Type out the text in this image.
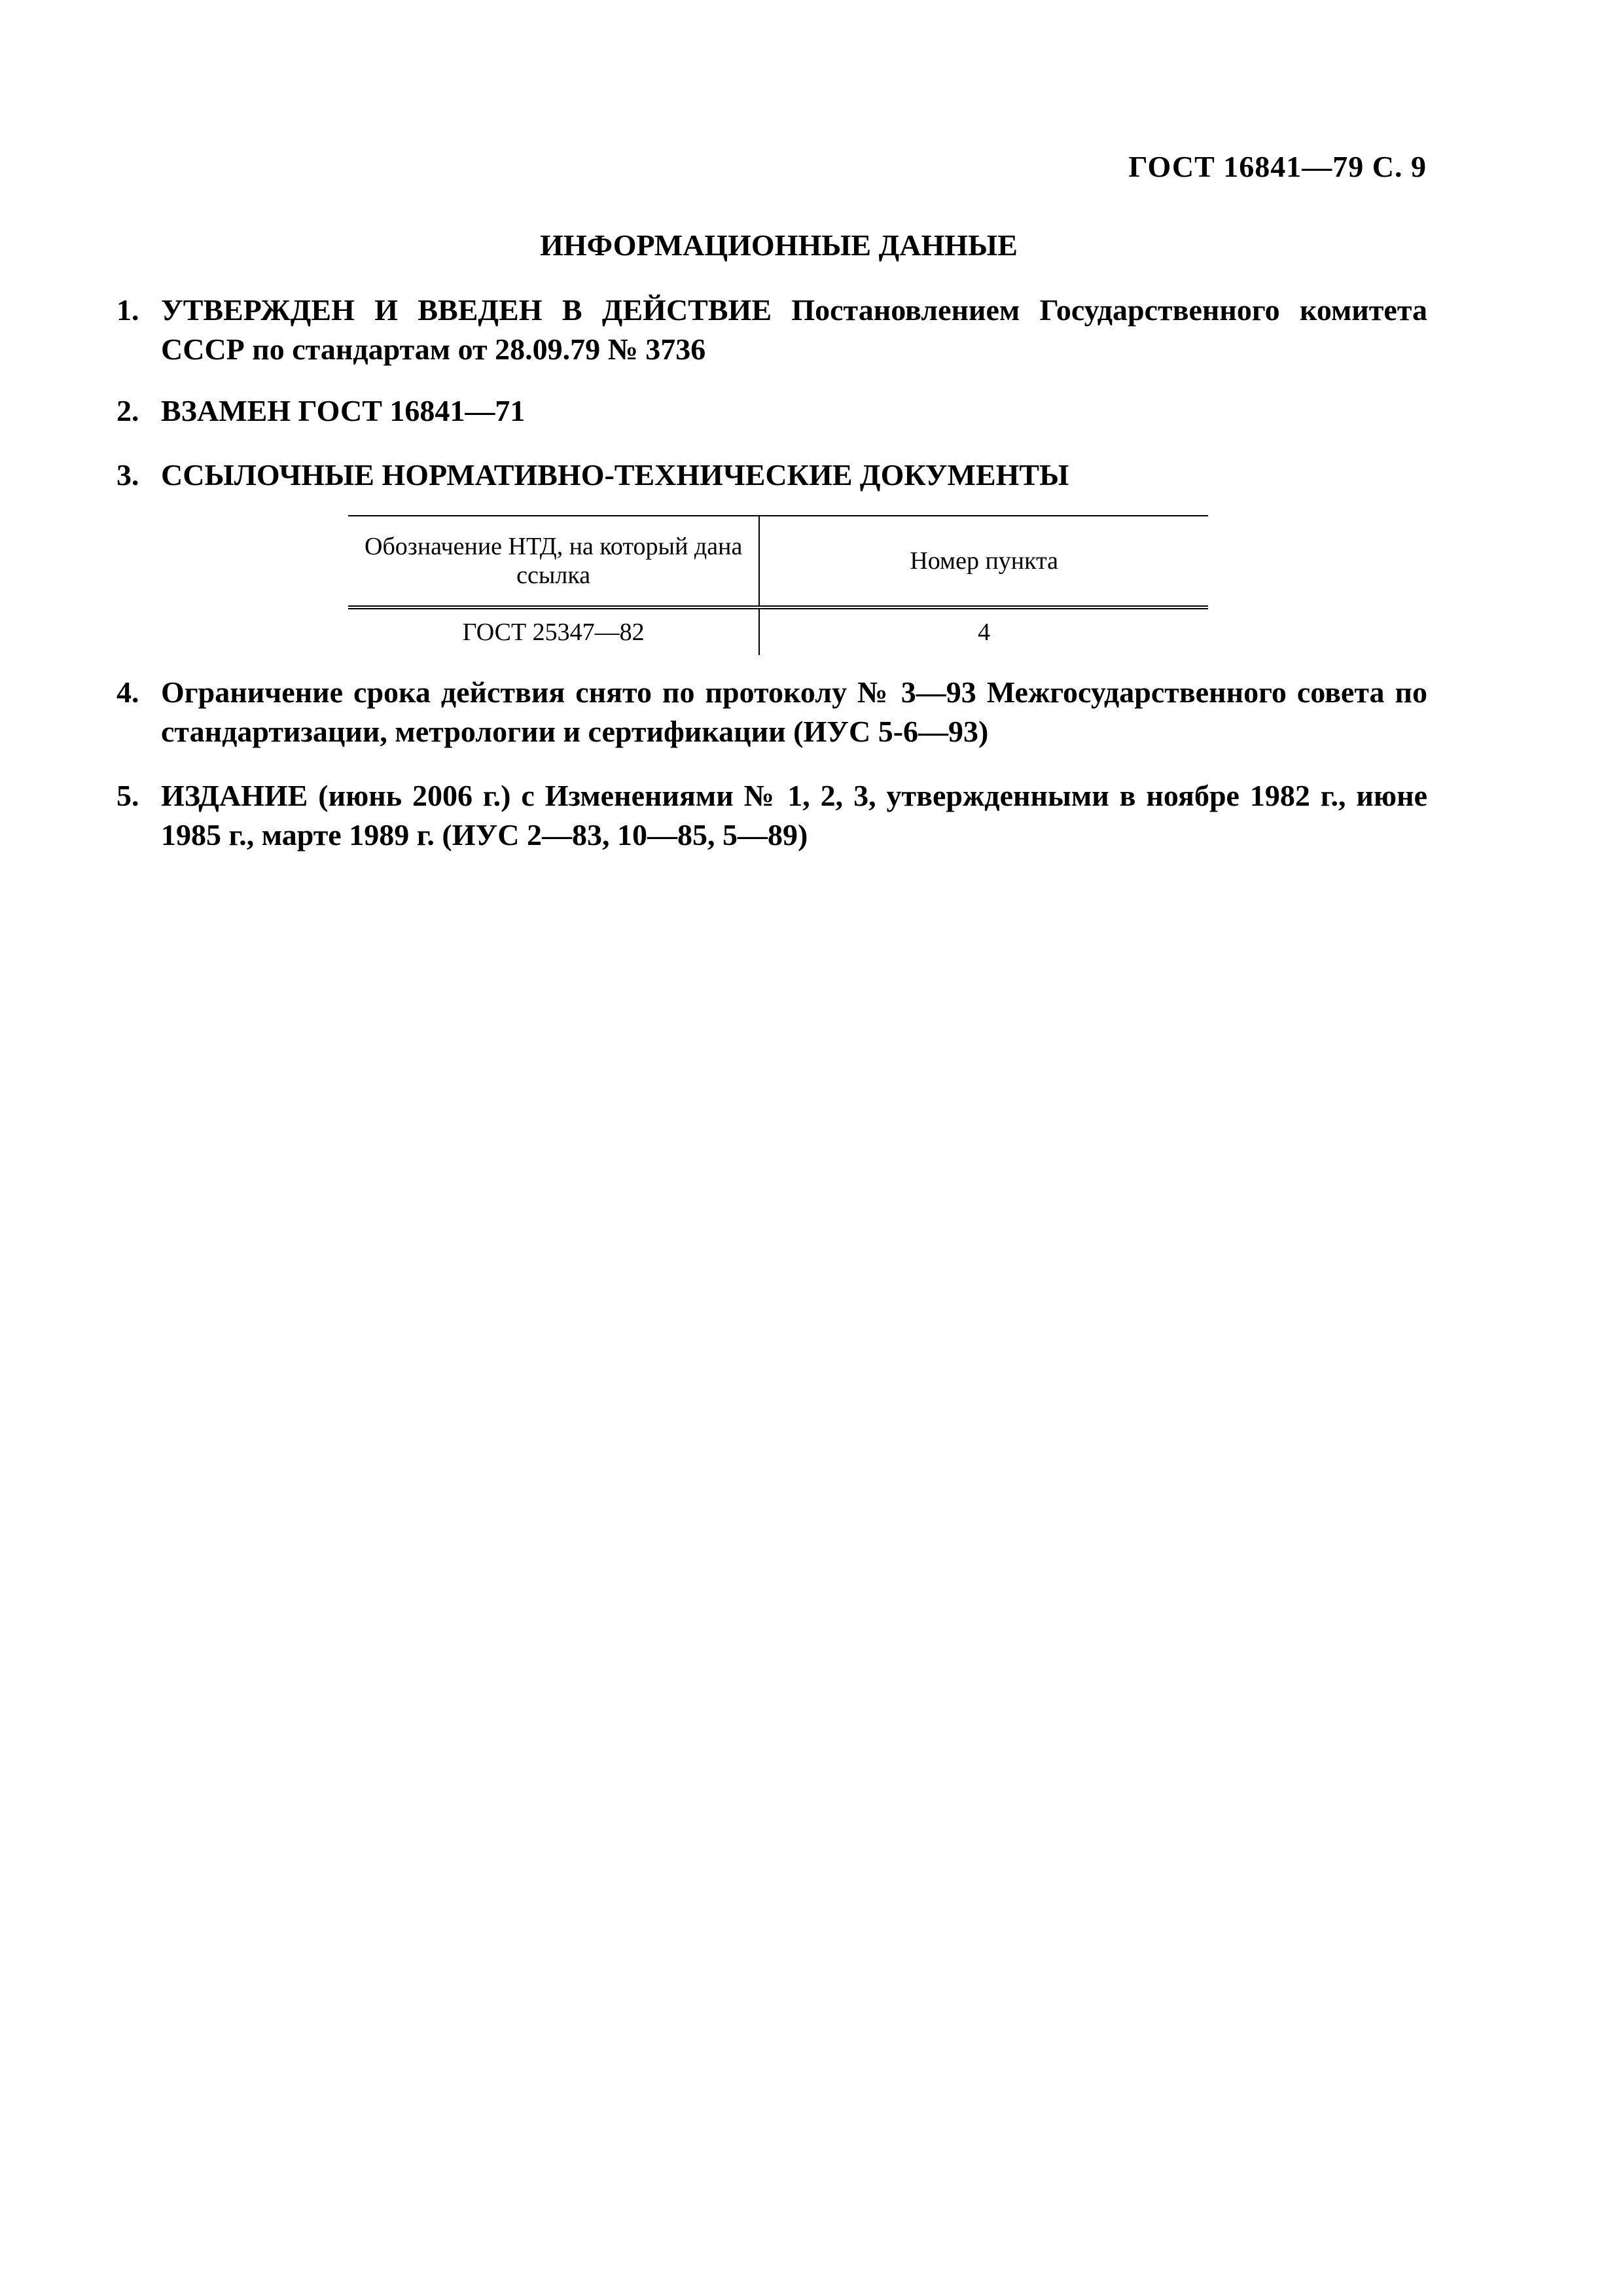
ГОСТ 16841—79 С. 9
ИНФОРМАЦИОННЫЕ ДАННЫЕ
1. УТВЕРЖДЕН И ВВЕДЕН В ДЕЙСТВИЕ Постановлением Государственного комитета СССР по стандартам от 28.09.79 № 3736
2. ВЗАМЕН ГОСТ 16841—71
3. ССЫЛОЧНЫЕ НОРМАТИВНО-ТЕХНИЧЕСКИЕ ДОКУМЕНТЫ
Обозначение НТД, на который дана ссылка	Номер пункта
ГОСТ 25347—82	4
4. Ограничение срока действия снято по протоколу № 3—93 Межгосударственного совета по стандартизации, метрологии и сертификации (ИУС 5-6—93)
5. ИЗДАНИЕ (июнь 2006 г.) с Изменениями № 1, 2, 3, утвержденными в ноябре 1982 г., июне 1985 г., марте 1989 г. (ИУС 2—83, 10—85, 5—89)
